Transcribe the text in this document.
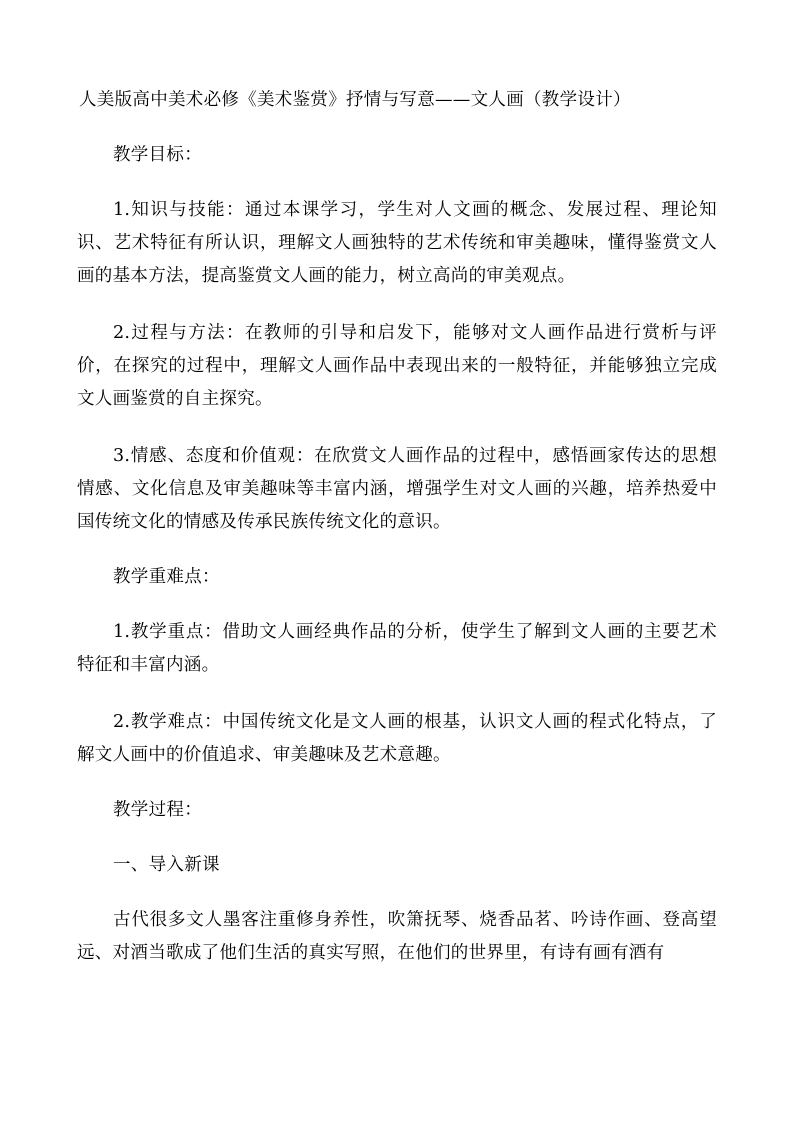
人美版高中美术必修《美术鉴赏》抒情与写意——文人画（教学设计）

教学目标：

1.知识与技能：通过本课学习，学生对人文画的概念、发展过程、理论知识、艺术特征有所认识，理解文人画独特的艺术传统和审美趣味，懂得鉴赏文人画的基本方法，提高鉴赏文人画的能力，树立高尚的审美观点。

2.过程与方法：在教师的引导和启发下，能够对文人画作品进行赏析与评价，在探究的过程中，理解文人画作品中表现出来的一般特征，并能够独立完成文人画鉴赏的自主探究。

3.情感、态度和价值观：在欣赏文人画作品的过程中，感悟画家传达的思想情感、文化信息及审美趣味等丰富内涵，增强学生对文人画的兴趣，培养热爱中国传统文化的情感及传承民族传统文化的意识。

教学重难点：

1.教学重点：借助文人画经典作品的分析，使学生了解到文人画的主要艺术特征和丰富内涵。

2.教学难点：中国传统文化是文人画的根基，认识文人画的程式化特点，了解文人画中的价值追求、审美趣味及艺术意趣。

教学过程：

一、导入新课

古代很多文人墨客注重修身养性，吹箫抚琴、烧香品茗、吟诗作画、登高望远、对酒当歌成了他们生活的真实写照，在他们的世界里，有诗有画有酒有
